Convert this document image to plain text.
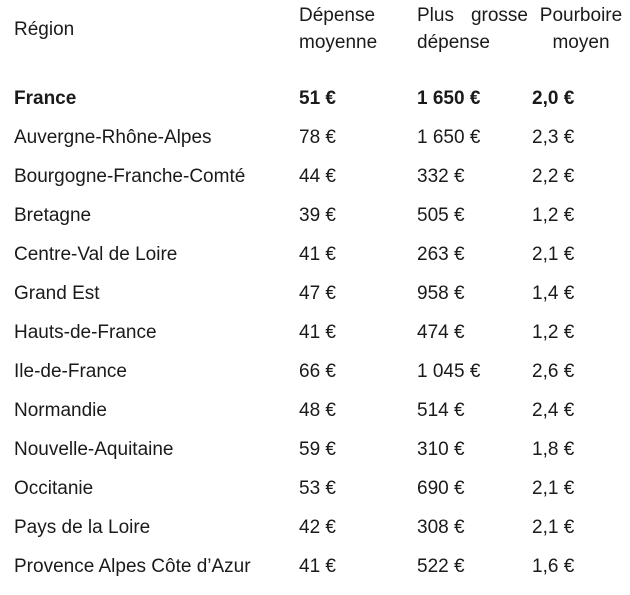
Région	Dépense moyenne	Plus grosse dépense	Pourboire moyen

France	51 €	1 650 €	2,0 €
Auvergne-Rhône-Alpes	78 €	1 650 €	2,3 €
Bourgogne-Franche-Comté	44 €	332 €	2,2 €
Bretagne	39 €	505 €	1,2 €
Centre-Val de Loire	41 €	263 €	2,1 €
Grand Est	47 €	958 €	1,4 €
Hauts-de-France	41 €	474 €	1,2 €
Ile-de-France	66 €	1 045 €	2,6 €
Normandie	48 €	514 €	2,4 €
Nouvelle-Aquitaine	59 €	310 €	1,8 €
Occitanie	53 €	690 €	2,1 €
Pays de la Loire	42 €	308 €	2,1 €
Provence Alpes Côte d’Azur	41 €	522 €	1,6 €
